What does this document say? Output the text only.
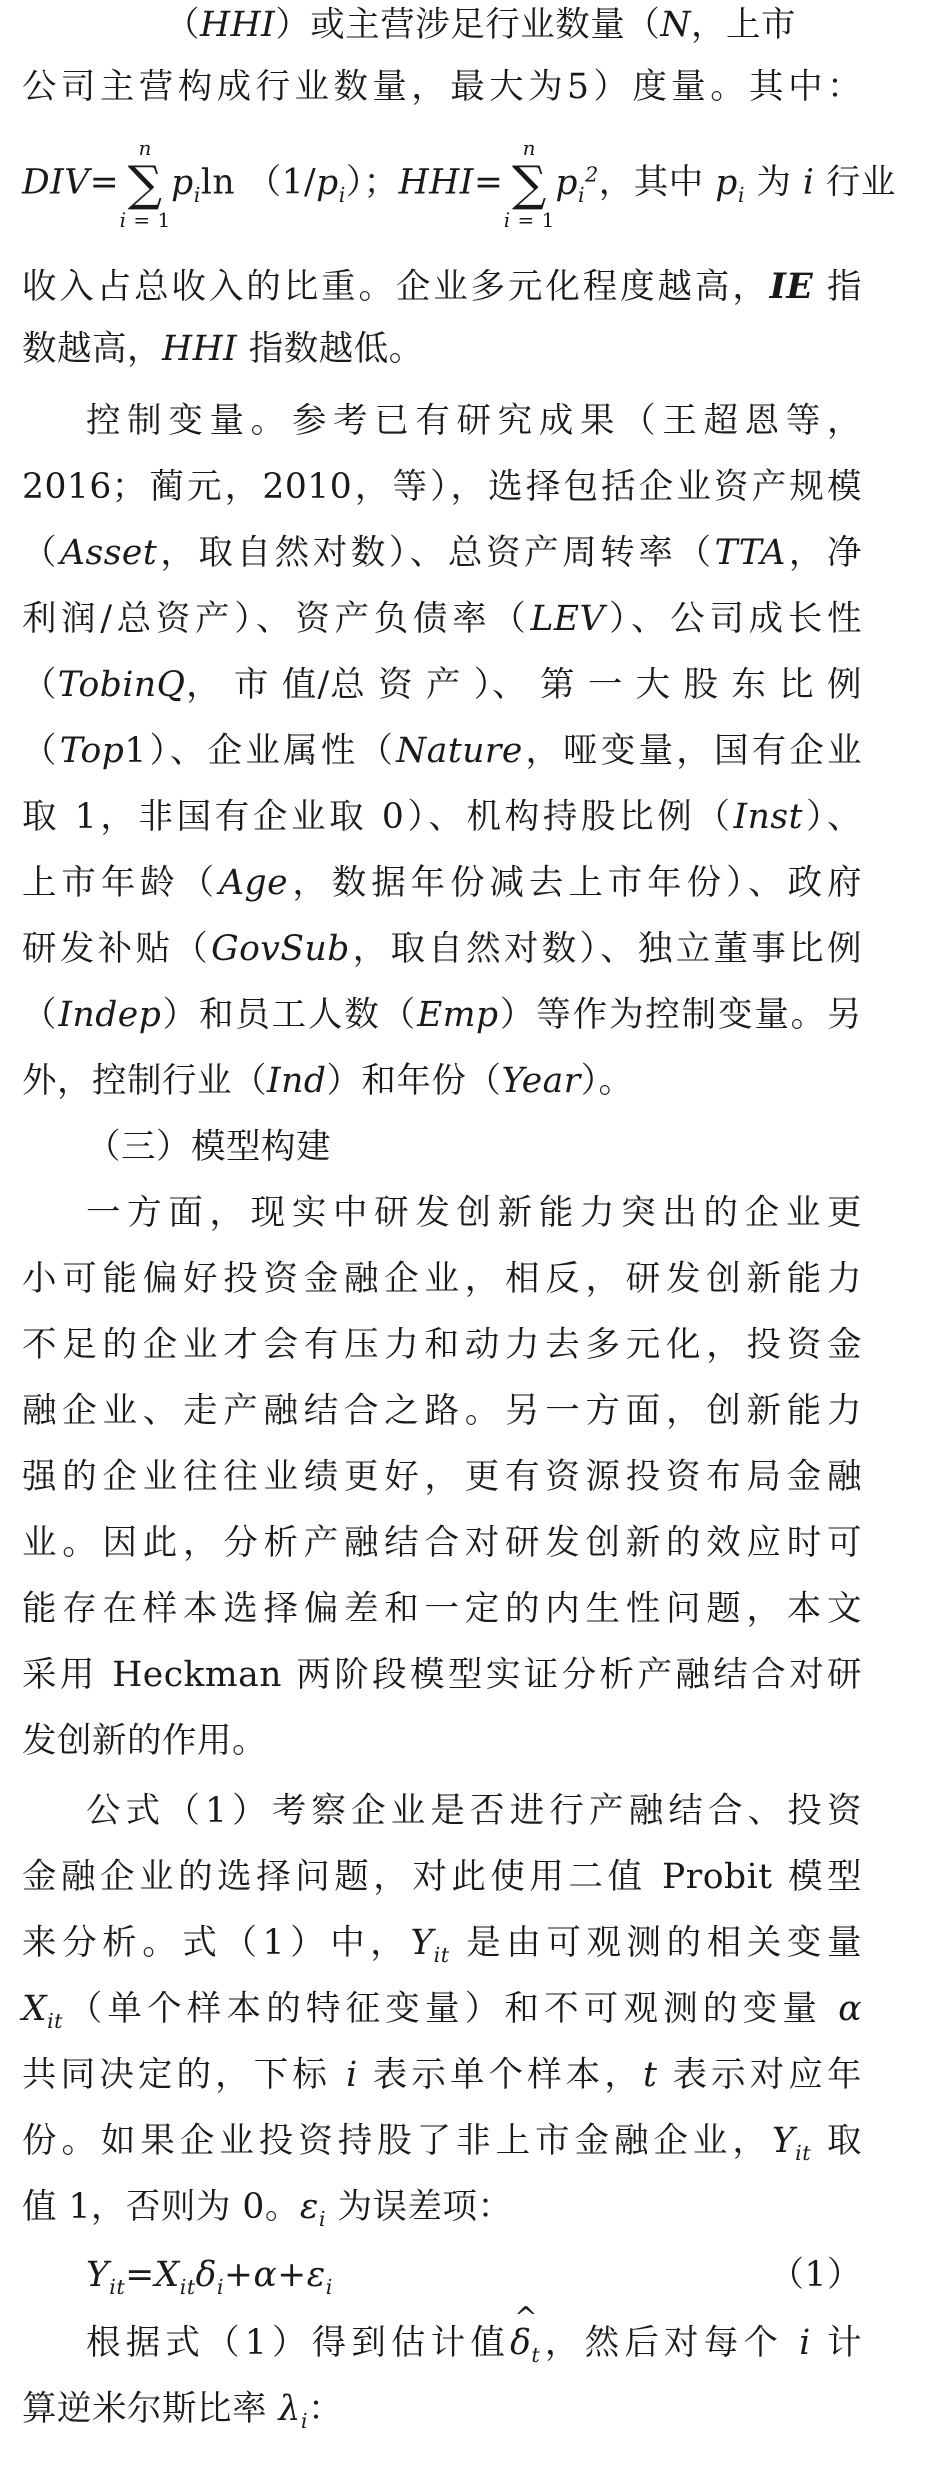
（HHI）或主营涉足行业数量（N，上市
公司主营构成行业数量，最大为5）度量。其中：
DIV=
n
∑
i = 1
$p_i\ln$ $(1/p_i)$；HHI=
n
∑
i = 1
$p_i^2$，其中 $p_i$ 为 i 行业
收入占总收入的比重。企业多元化程度越高，IE 指
数越高，HHI 指数越低。
控制变量。参考已有研究成果（王超恩等，
2016；蔺元，2010，等），选择包括企业资产规模
（Asset，取自然对数）、总资产周转率（TTA，净
利润/总资产）、资产负债率（LEV）、公司成长性
（TobinQ， 市 值/总 资 产 ）、 第 一 大 股 东 比 例
（Top1）、企业属性（Nature，哑变量，国有企业
取 1，非国有企业取 0）、机构持股比例（Inst）、
上市年龄（Age，数据年份减去上市年份）、政府
研发补贴（GovSub，取自然对数）、独立董事比例
（Indep）和员工人数（Emp）等作为控制变量。另
外，控制行业（Ind）和年份（Year）。
（三）模型构建
一方面，现实中研发创新能力突出的企业更
小可能偏好投资金融企业，相反，研发创新能力
不足的企业才会有压力和动力去多元化，投资金
融企业、走产融结合之路。另一方面，创新能力
强的企业往往业绩更好，更有资源投资布局金融
业。因此，分析产融结合对研发创新的效应时可
能存在样本选择偏差和一定的内生性问题，本文
采用 Heckman 两阶段模型实证分析产融结合对研
发创新的作用。
公式（1）考察企业是否进行产融结合、投资
金融企业的选择问题，对此使用二值 Probit 模型
来分析。式（1）中，$Y_{it}$ 是由可观测的相关变量
$X_{it}$（单个样本的特征变量）和不可观测的变量 α
共同决定的，下标 i 表示单个样本，t 表示对应年
份。如果企业投资持股了非上市金融企业，$Y_{it}$ 取
值 1，否则为 0。$\varepsilon_i$ 为误差项：
$Y_{it}=X_{it}\delta_i+\alpha+\varepsilon_i$	（1）
根据式（1）得到估计值^ $\delta_t$，然后对每个 i 计
算逆米尔斯比率 $\lambda_i$：
